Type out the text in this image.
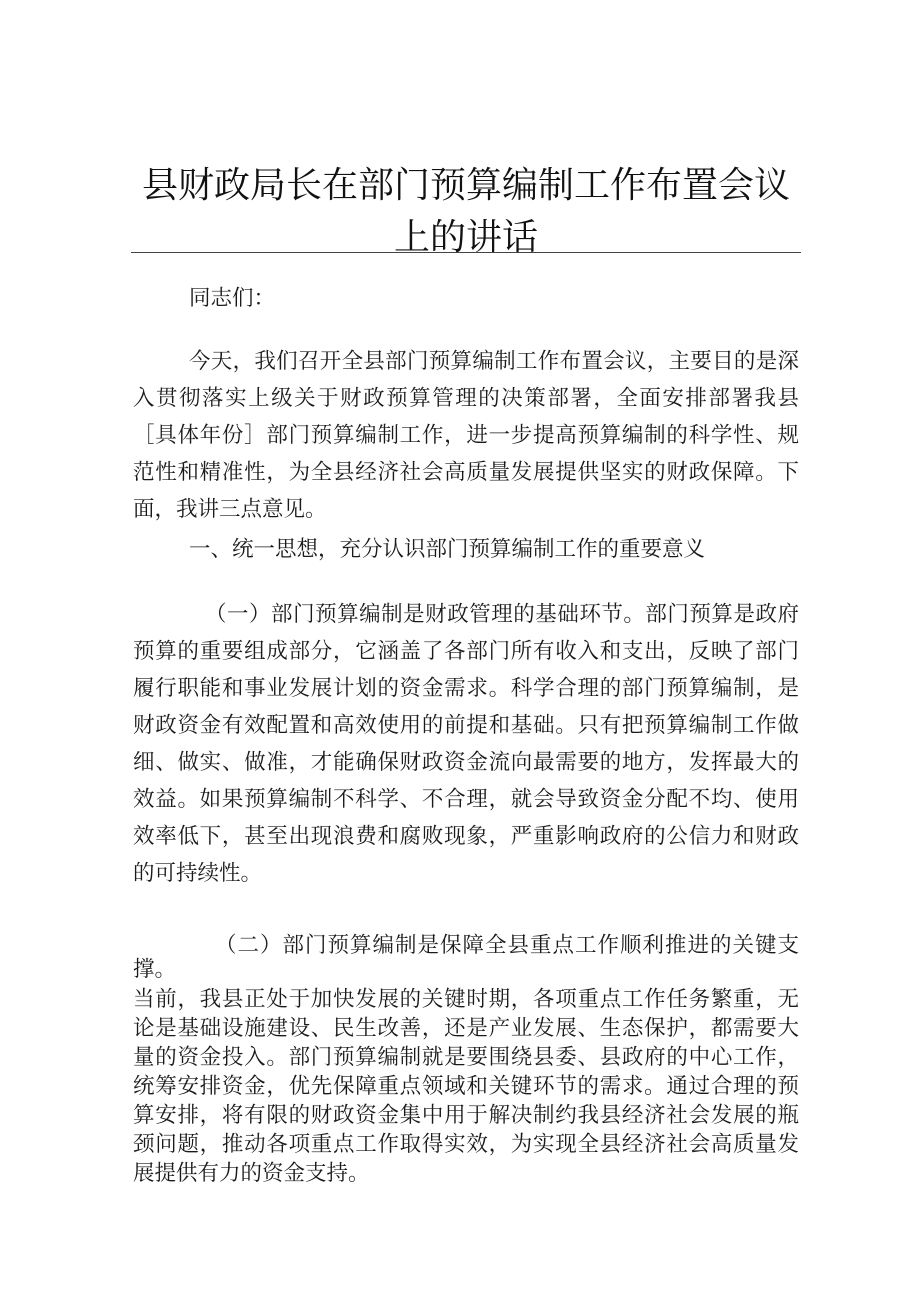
县财政局长在部门预算编制工作布置会议上的讲话

同志们：

今天，我们召开全县部门预算编制工作布置会议，主要目的是深入贯彻落实上级关于财政预算管理的决策部署，全面安排部署我县［具体年份］部门预算编制工作，进一步提高预算编制的科学性、规范性和精准性，为全县经济社会高质量发展提供坚实的财政保障。下面，我讲三点意见。

一、统一思想，充分认识部门预算编制工作的重要意义

（一）部门预算编制是财政管理的基础环节。部门预算是政府预算的重要组成部分，它涵盖了各部门所有收入和支出，反映了部门履行职能和事业发展计划的资金需求。科学合理的部门预算编制，是财政资金有效配置和高效使用的前提和基础。只有把预算编制工作做细、做实、做准，才能确保财政资金流向最需要的地方，发挥最大的效益。如果预算编制不科学、不合理，就会导致资金分配不均、使用效率低下，甚至出现浪费和腐败现象，严重影响政府的公信力和财政的可持续性。

（二）部门预算编制是保障全县重点工作顺利推进的关键支撑。

当前，我县正处于加快发展的关键时期，各项重点工作任务繁重，无论是基础设施建设、民生改善，还是产业发展、生态保护，都需要大量的资金投入。部门预算编制就是要围绕县委、县政府的中心工作，统筹安排资金，优先保障重点领域和关键环节的需求。通过合理的预算安排，将有限的财政资金集中用于解决制约我县经济社会发展的瓶颈问题，推动各项重点工作取得实效，为实现全县经济社会高质量发展提供有力的资金支持。
